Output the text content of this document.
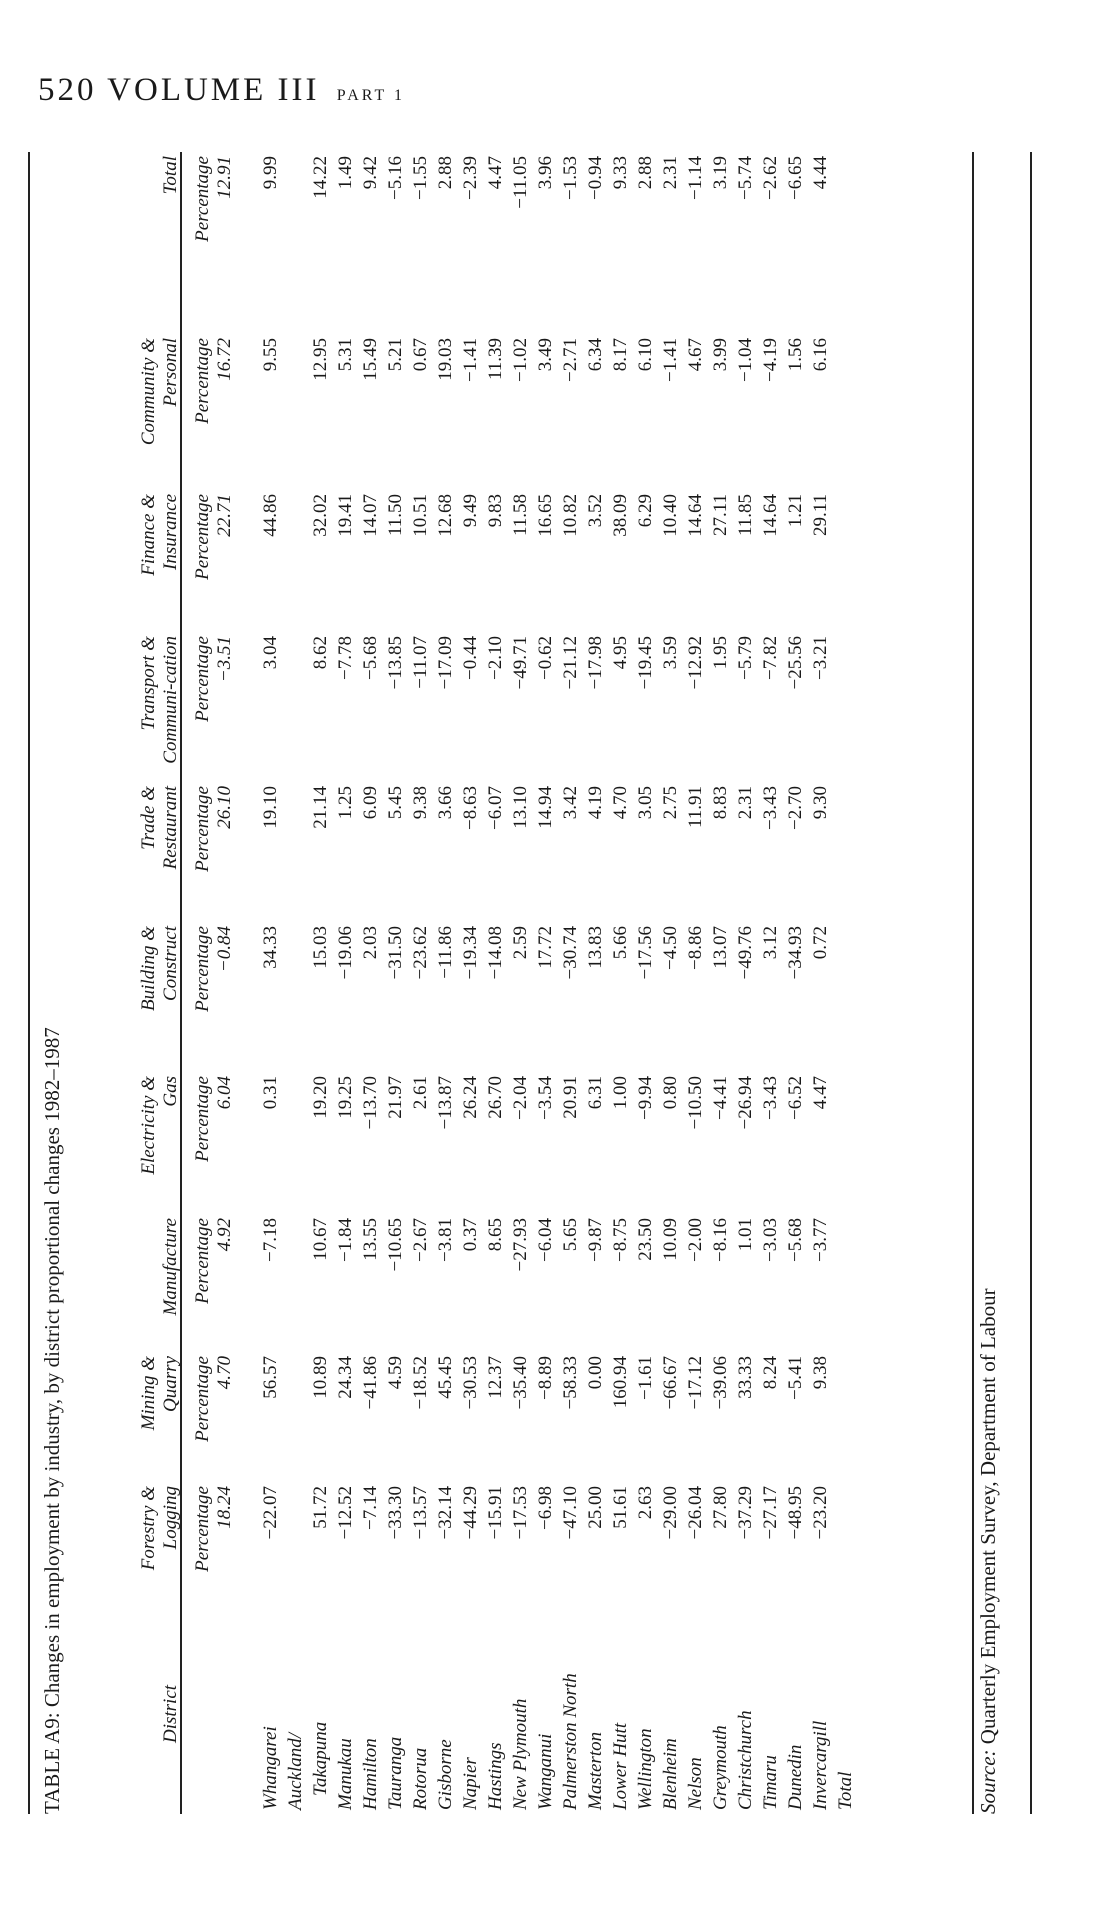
520 VOLUME III PART 1
TABLE A9: Changes in employment by industry, by district proportional changes 1982–1987	District	Forestry & Logging	Mining & Quarry	Manufacture	Electricity & Gas	Building & Construct	Trade & Restaurant	Transport & Communi-cation	Finance & Insurance	Community & Personal	Total
	Percentage	Percentage	Percentage	Percentage	Percentage	Percentage	Percentage	Percentage	Percentage	Percentage
	18.24	4.70	4.92	6.04	−0.84	26.10	−3.51	22.71	16.72	12.91

Whangarei	−22.07	56.57	−7.18	0.31	34.33	19.10	3.04	44.86	9.55	9.99
Auckland/										
Takapuna	51.72	10.89	10.67	19.20	15.03	21.14	8.62	32.02	12.95	14.22
Manukau	−12.52	24.34	−1.84	19.25	−19.06	1.25	−7.78	19.41	5.31	1.49
Hamilton	−7.14	−41.86	13.55	−13.70	2.03	6.09	−5.68	14.07	15.49	9.42
Tauranga	−33.30	4.59	−10.65	21.97	−31.50	5.45	−13.85	11.50	5.21	−5.16
Rotorua	−13.57	−18.52	−2.67	2.61	−23.62	9.38	−11.07	10.51	0.67	−1.55
Gisborne	−32.14	45.45	−3.81	−13.87	−11.86	3.66	−17.09	12.68	19.03	2.88
Napier	−44.29	−30.53	0.37	26.24	−19.34	−8.63	−0.44	9.49	−1.41	−2.39
Hastings	−15.91	12.37	8.65	26.70	−14.08	−6.07	−2.10	9.83	11.39	4.47
New Plymouth	−17.53	−35.40	−27.93	−2.04	2.59	13.10	−49.71	11.58	−1.02	−11.05
Wanganui	−6.98	−8.89	−6.04	−3.54	17.72	14.94	−0.62	16.65	3.49	3.96
Palmerston North	−47.10	−58.33	5.65	20.91	−30.74	3.42	−21.12	10.82	−2.71	−1.53
Masterton	25.00	0.00	−9.87	6.31	13.83	4.19	−17.98	3.52	6.34	−0.94
Lower Hutt	51.61	160.94	−8.75	1.00	5.66	4.70	4.95	38.09	8.17	9.33
Wellington	2.63	−1.61	23.50	−9.94	−17.56	3.05	−19.45	6.29	6.10	2.88
Blenheim	−29.00	−66.67	10.09	0.80	−4.50	2.75	3.59	10.40	−1.41	2.31
Nelson	−26.04	−17.12	−2.00	−10.50	−8.86	11.91	−12.92	14.64	4.67	−1.14
Greymouth	27.80	−39.06	−8.16	−4.41	13.07	8.83	1.95	27.11	3.99	3.19
Christchurch	−37.29	33.33	1.01	−26.94	−49.76	2.31	−5.79	11.85	−1.04	−5.74
Timaru	−27.17	8.24	−3.03	−3.43	3.12	−3.43	−7.82	14.64	−4.19	−2.62
Dunedin	−48.95	−5.41	−5.68	−6.52	−34.93	−2.70	−25.56	1.21	1.56	−6.65
Invercargill	−23.20	9.38	−3.77	4.47	0.72	9.30	−3.21	29.11	6.16	4.44
Total											Source: Quarterly Employment Survey, Department of Labour
